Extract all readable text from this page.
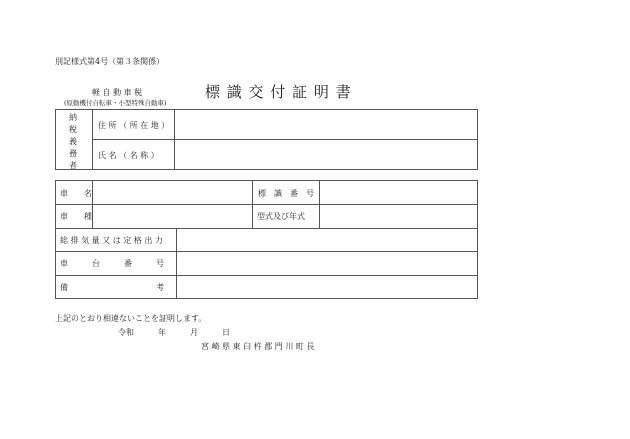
別記様式第4号（第３条関係）
軽 自 動 車 税
(原動機付自転車・小型特殊自動車)
標 識 交 付 証 明 書
納
税
義
務
者
住 所 （ 所 在 地 ）
氏 名 （ 名 称 ）
車　　名	標　識　番　号
車　　種	型式及び年式
総 排 気 量 又 は 定 格 出 力
車　　　台　　　番　　　号
備　　　　　　　　　　　考
上記のとおり相違ないことを証明します。
令和　　　年　　　月　　　日
宮 崎 県 東 臼 杵 郡 門 川 町 長
